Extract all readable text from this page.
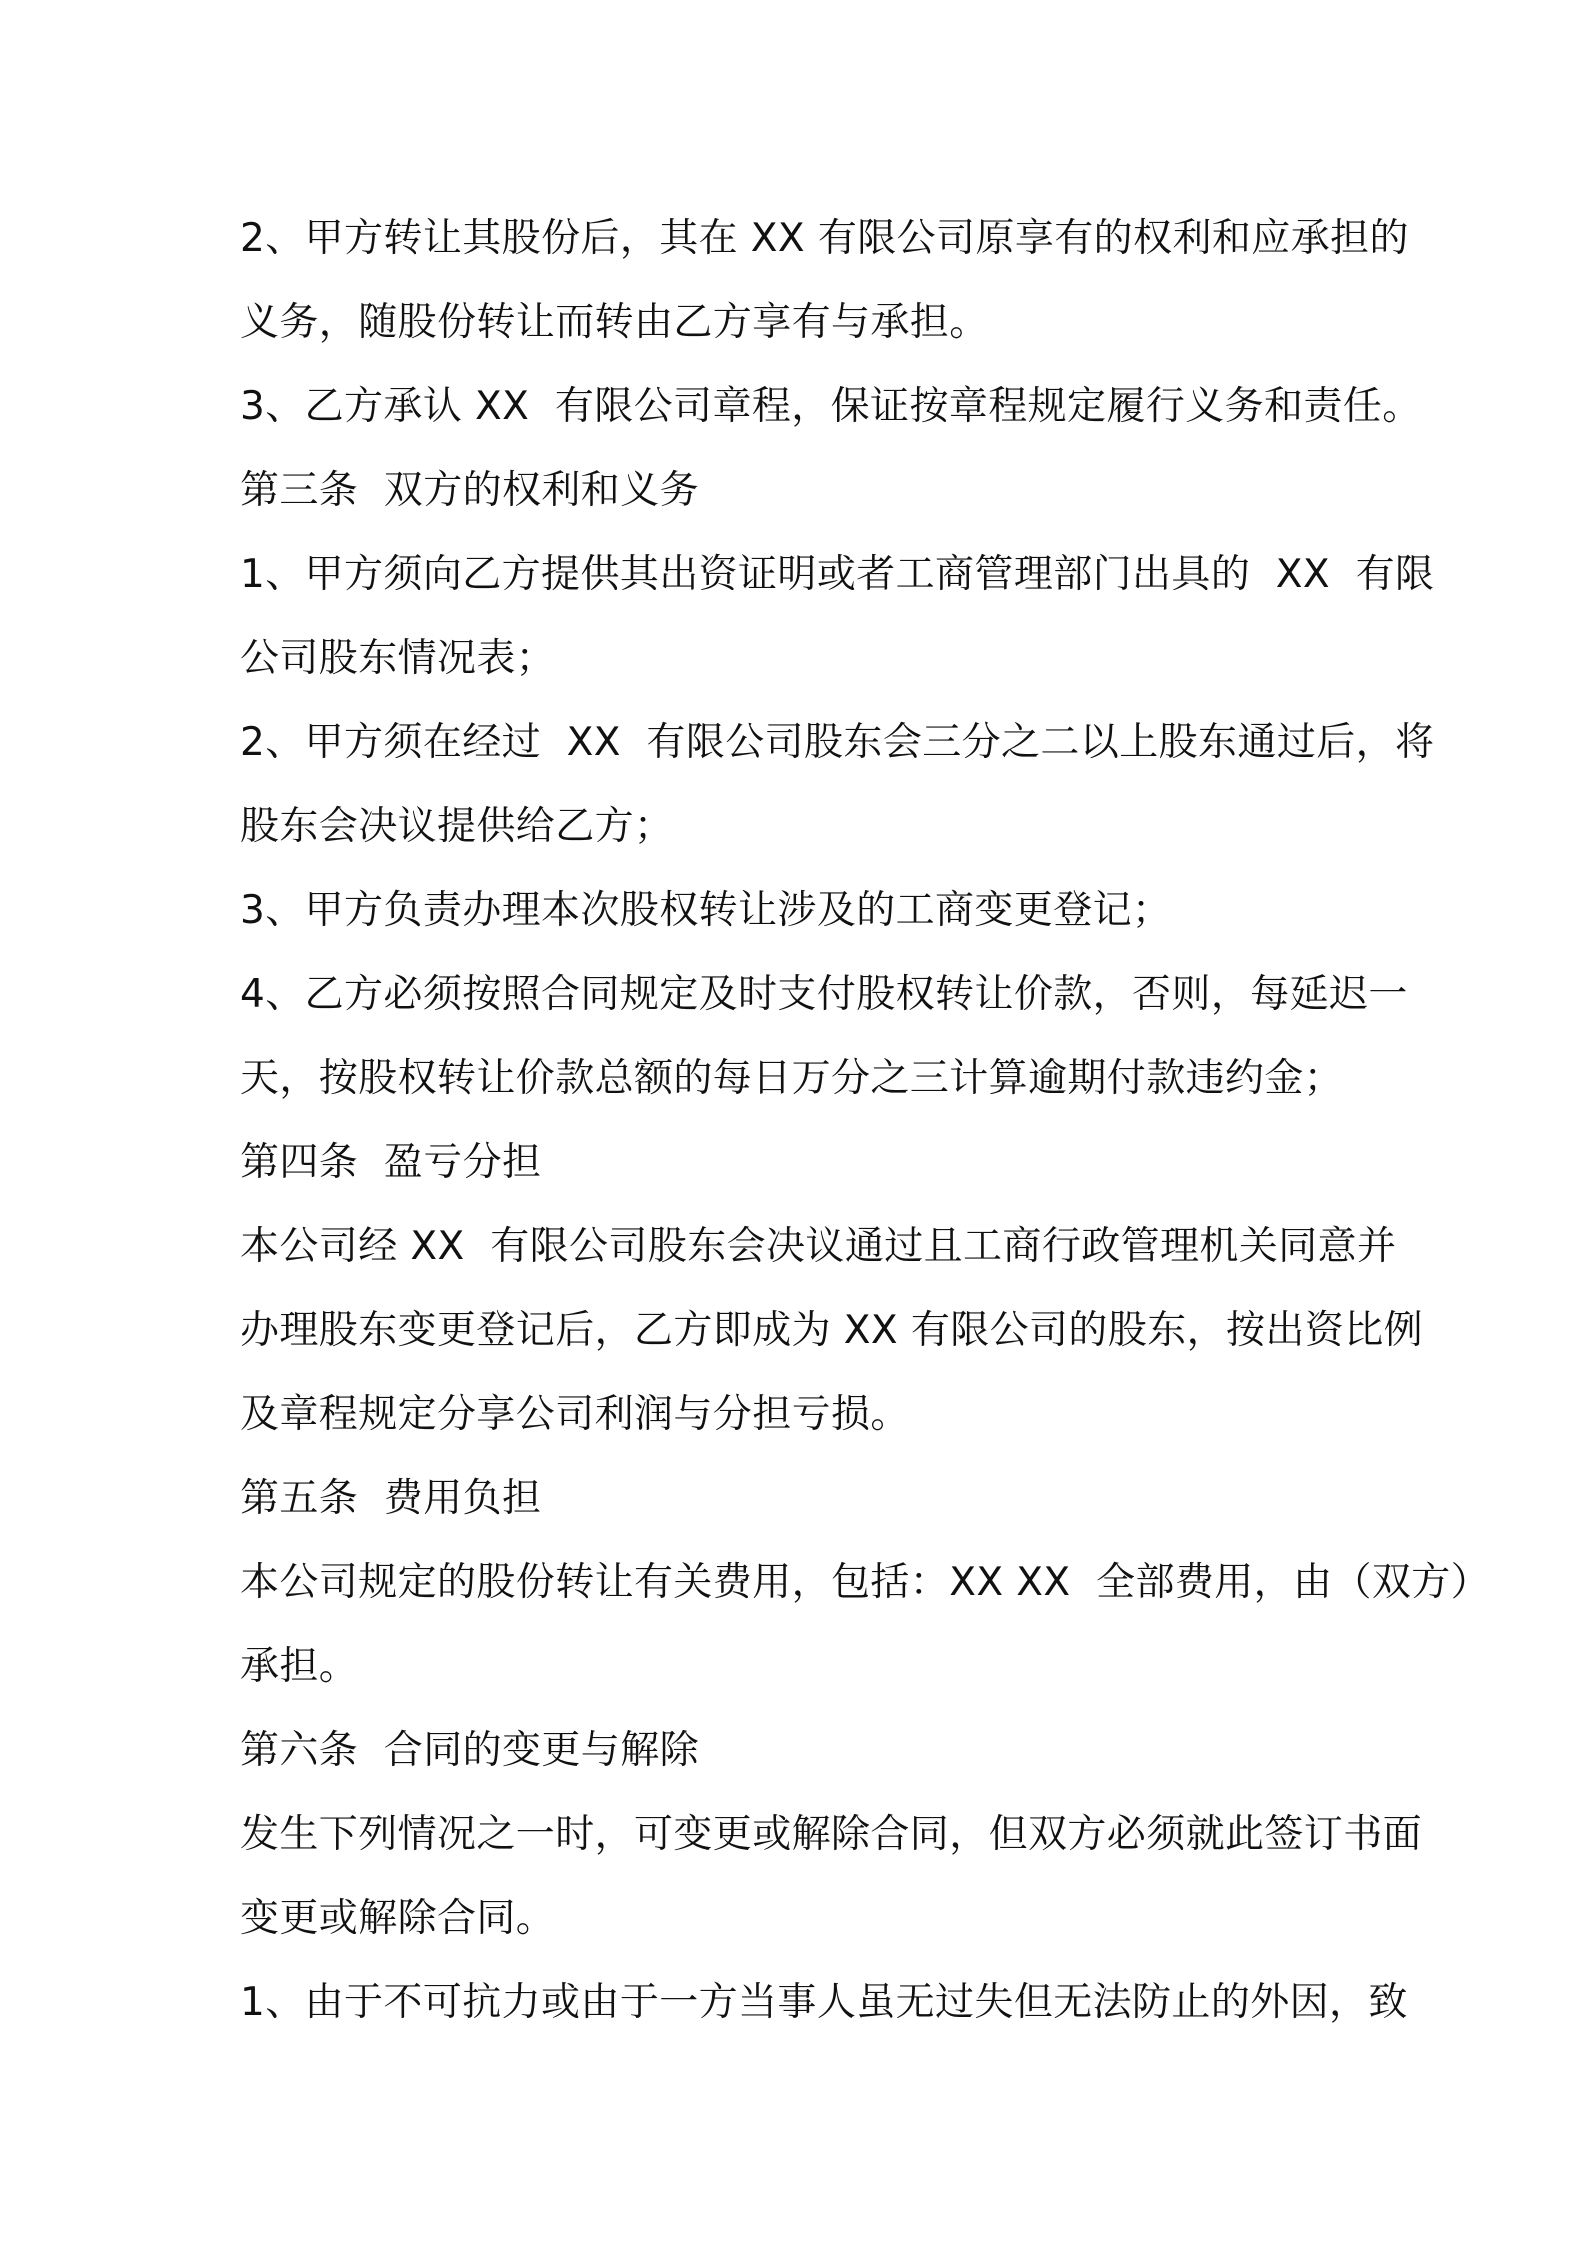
2、甲方转让其股份后，其在 XX 有限公司原享有的权利和应承担的
义务，随股份转让而转由乙方享有与承担。
3、乙方承认 XX  有限公司章程，保证按章程规定履行义务和责任。
第三条  双方的权利和义务
1、甲方须向乙方提供其出资证明或者工商管理部门出具的  XX  有限
公司股东情况表；
2、甲方须在经过  XX  有限公司股东会三分之二以上股东通过后，将
股东会决议提供给乙方；
3、甲方负责办理本次股权转让涉及的工商变更登记；
4、乙方必须按照合同规定及时支付股权转让价款，否则，每延迟一
天，按股权转让价款总额的每日万分之三计算逾期付款违约金；
第四条  盈亏分担
本公司经 XX  有限公司股东会决议通过且工商行政管理机关同意并
办理股东变更登记后，乙方即成为 XX 有限公司的股东，按出资比例
及章程规定分享公司利润与分担亏损。
第五条  费用负担
本公司规定的股份转让有关费用，包括：XX XX  全部费用，由（双方）
承担。
第六条  合同的变更与解除
发生下列情况之一时，可变更或解除合同，但双方必须就此签订书面
变更或解除合同。
1、由于不可抗力或由于一方当事人虽无过失但无法防止的外因，致
